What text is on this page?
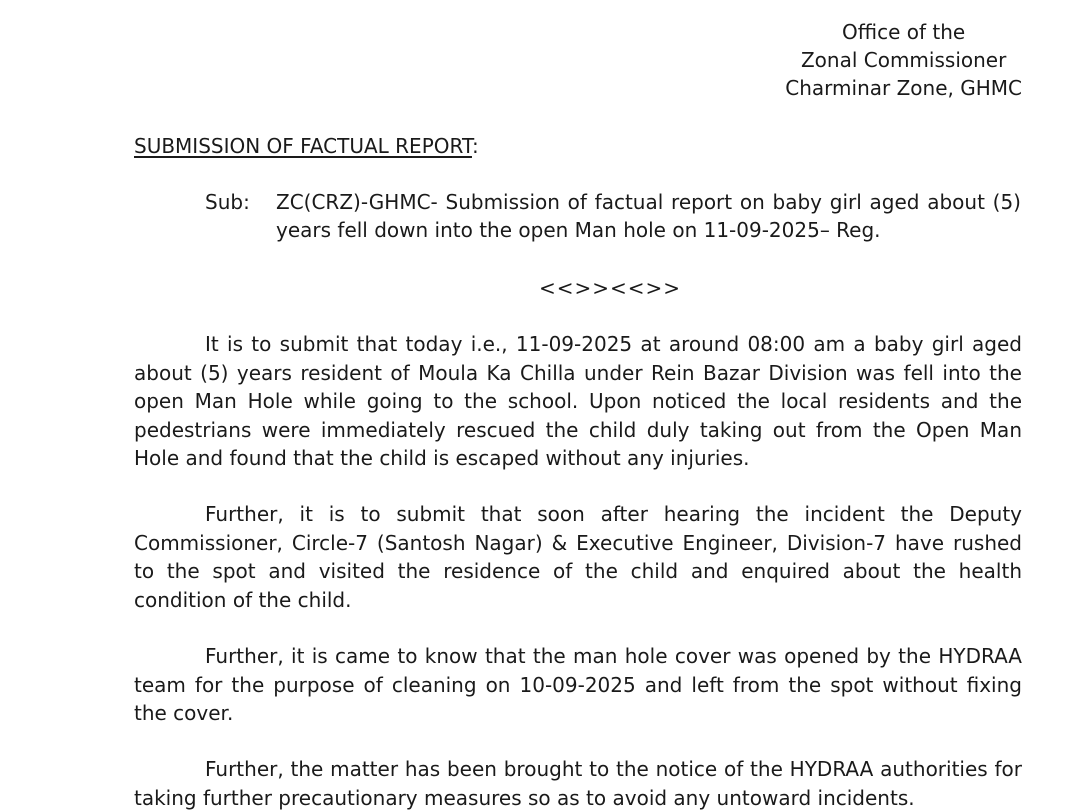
Office of the
Zonal Commissioner
Charminar Zone, GHMC
SUBMISSION OF FACTUAL REPORT:
Sub: ZC(CRZ)-GHMC- Submission of factual report on baby girl aged about (5) years fell down into the open Man hole on 11-09-2025– Reg.
<<>><<>>

It is to submit that today i.e., 11-09-2025 at around 08:00 am a baby girl aged about (5) years resident of Moula Ka Chilla under Rein Bazar Division was fell into the open Man Hole while going to the school. Upon noticed the local residents and the pedestrians were immediately rescued the child duly taking out from the Open Man Hole and found that the child is escaped without any injuries.

Further, it is to submit that soon after hearing the incident the Deputy Commissioner, Circle-7 (Santosh Nagar) & Executive Engineer, Division-7 have rushed to the spot and visited the residence of the child and enquired about the health condition of the child.

Further, it is came to know that the man hole cover was opened by the HYDRAA team for the purpose of cleaning on 10-09-2025 and left from the spot without fixing the cover.

Further, the matter has been brought to the notice of the HYDRAA authorities for taking further precautionary measures so as to avoid any untoward incidents.
